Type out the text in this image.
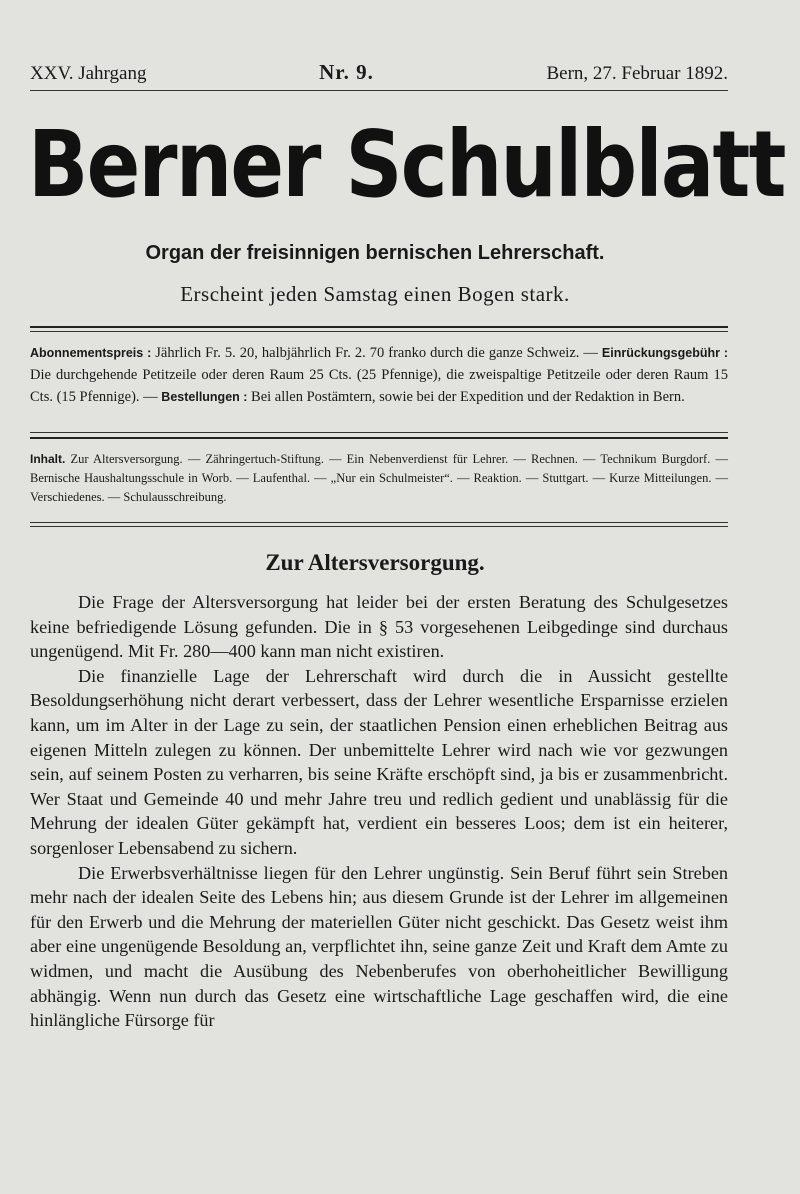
XXV. Jahrgang	Nr. 9.	Bern, 27. Februar 1892.
Berner Schulblatt
Organ der freisinnigen bernischen Lehrerschaft.
Erscheint jeden Samstag einen Bogen stark.
Abonnementspreis : Jährlich Fr. 5. 20, halbjährlich Fr. 2. 70 franko durch die ganze Schweiz. — Einrückungsgebühr : Die durchgehende Petitzeile oder deren Raum 25 Cts. (25 Pfennige), die zweispaltige Petitzeile oder deren Raum 15 Cts. (15 Pfennige). — Bestellungen : Bei allen Postämtern, sowie bei der Expedition und der Redaktion in Bern.
Inhalt. Zur Altersversorgung. — Zähringertuch-Stiftung. — Ein Nebenverdienst für Lehrer. — Rechnen. — Technikum Burgdorf. — Bernische Haushaltungsschule in Worb. — Laufenthal. — „Nur ein Schulmeister“. — Reaktion. — Stuttgart. — Kurze Mitteilungen. — Verschiedenes. — Schulausschreibung.
Zur Altersversorgung.

Die Frage der Altersversorgung hat leider bei der ersten Beratung des Schulgesetzes keine befriedigende Lösung gefunden. Die in § 53 vorgesehenen Leibgedinge sind durchaus ungenügend. Mit Fr. 280—400 kann man nicht existiren.

Die finanzielle Lage der Lehrerschaft wird durch die in Aussicht gestellte Besoldungserhöhung nicht derart verbessert, dass der Lehrer wesentliche Ersparnisse erzielen kann, um im Alter in der Lage zu sein, der staatlichen Pension einen erheblichen Beitrag aus eigenen Mitteln zulegen zu können. Der unbemittelte Lehrer wird nach wie vor gezwungen sein, auf seinem Posten zu verharren, bis seine Kräfte erschöpft sind, ja bis er zusammenbricht. Wer Staat und Gemeinde 40 und mehr Jahre treu und redlich gedient und unablässig für die Mehrung der idealen Güter gekämpft hat, verdient ein besseres Loos; dem ist ein heiterer, sorgenloser Lebensabend zu sichern.

Die Erwerbsverhältnisse liegen für den Lehrer ungünstig. Sein Beruf führt sein Streben mehr nach der idealen Seite des Lebens hin; aus diesem Grunde ist der Lehrer im allgemeinen für den Erwerb und die Mehrung der materiellen Güter nicht geschickt. Das Gesetz weist ihm aber eine ungenügende Besoldung an, verpflichtet ihn, seine ganze Zeit und Kraft dem Amte zu widmen, und macht die Ausübung des Nebenberufes von oberhoheitlicher Bewilligung abhängig. Wenn nun durch das Gesetz eine wirtschaftliche Lage geschaffen wird, die eine hinlängliche Fürsorge für
